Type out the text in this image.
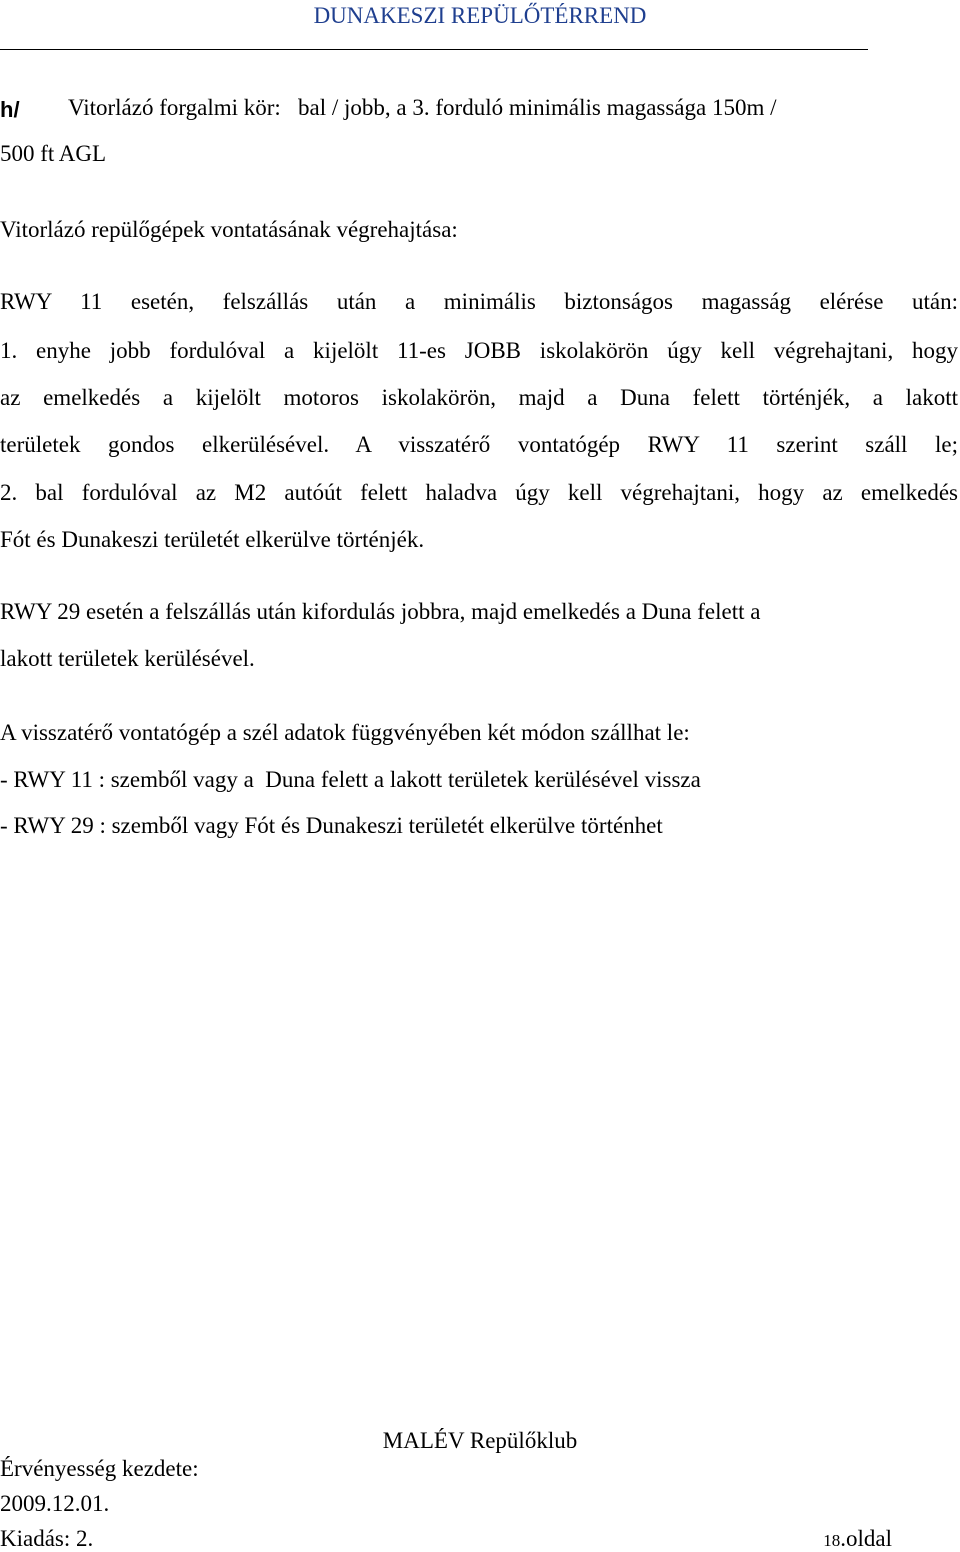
DUNAKESZI REPÜLŐTÉRREND
h/ Vitorlázó forgalmi kör:   bal / jobb, a 3. forduló minimális magassága 150m /
500 ft AGL
Vitorlázó repülőgépek vontatásának végrehajtása:
RWY 11 esetén, felszállás után a minimális biztonságos magasság elérése után:
1. enyhe jobb fordulóval a kijelölt 11-es JOBB iskolakörön úgy kell végrehajtani, hogy
az emelkedés a kijelölt motoros iskolakörön, majd a Duna felett történjék, a lakott
területek gondos elkerülésével. A visszatérő vontatógép RWY 11 szerint száll le;
2. bal fordulóval az M2 autóút felett haladva úgy kell végrehajtani, hogy az emelkedés
Fót és Dunakeszi területét elkerülve történjék.
RWY 29 esetén a felszállás után kifordulás jobbra, majd emelkedés a Duna felett a
lakott területek kerülésével.
A visszatérő vontatógép a szél adatok függvényében két módon szállhat le:
- RWY 11 : szemből vagy a  Duna felett a lakott területek kerülésével vissza
- RWY 29 : szemből vagy Fót és Dunakeszi területét elkerülve történhet
MALÉV Repülőklub
Érvényesség kezdete:
2009.12.01.
Kiadás: 2.	18.oldal
